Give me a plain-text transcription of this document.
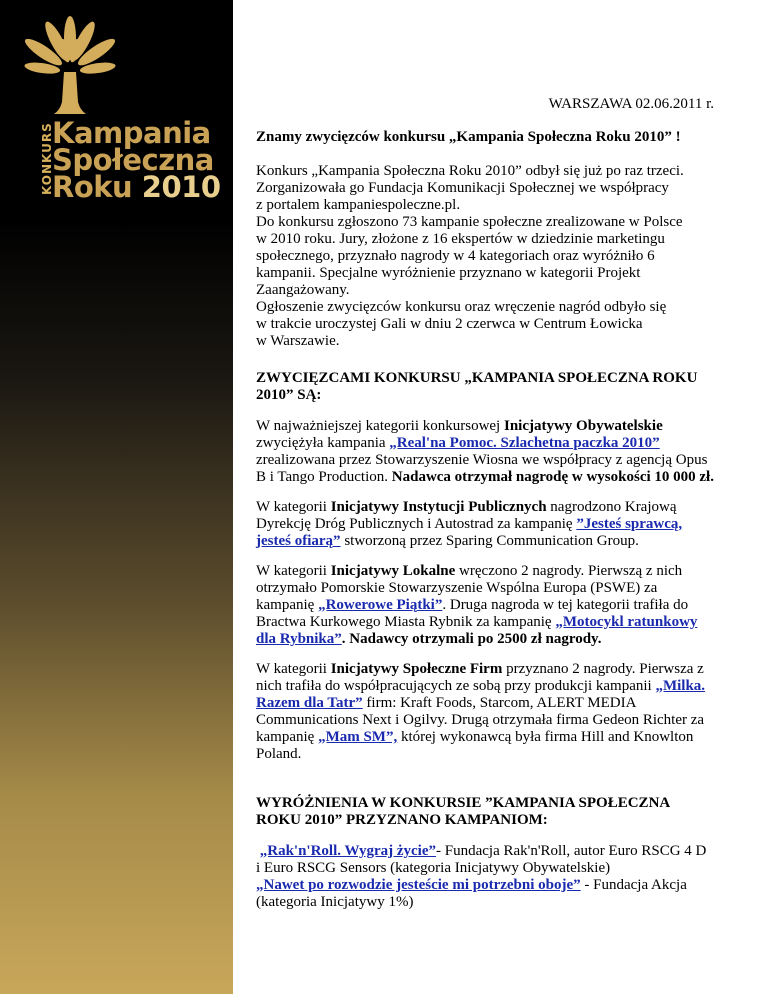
KONKURS
Kampania
Społeczna
Roku 2010
WARSZAWA 02.06.2011 r.
Znamy zwycięzców konkursu „Kampania Społeczna Roku 2010” !
Konkurs „Kampania Społeczna Roku 2010” odbył się już po raz trzeci.
Zorganizowała go Fundacja Komunikacji Społecznej we współpracy
z portalem kampaniespoleczne.pl.
Do konkursu zgłoszono 73 kampanie społeczne zrealizowane w Polsce
w 2010 roku. Jury, złożone z 16 ekspertów w dziedzinie marketingu
społecznego, przyznało nagrody w 4 kategoriach oraz wyróżniło 6
kampanii. Specjalne wyróżnienie przyznano w kategorii Projekt
Zaangażowany.
Ogłoszenie zwycięzców konkursu oraz wręczenie nagród odbyło się
w trakcie uroczystej Gali w dniu 2 czerwca w Centrum Łowicka
w Warszawie.
ZWYCIĘZCAMI KONKURSU „KAMPANIA SPOŁECZNA ROKU 2010” SĄ:
W najważniejszej kategorii konkursowej Inicjatywy Obywatelskie zwyciężyła kampania „Real'na Pomoc. Szlachetna paczka 2010” zrealizowana przez Stowarzyszenie Wiosna we współpracy z agencją Opus B i Tango Production. Nadawca otrzymał nagrodę w wysokości 10 000 zł.
W kategorii Inicjatywy Instytucji Publicznych nagrodzono Krajową Dyrekcję Dróg Publicznych i Autostrad za kampanię ”Jesteś sprawcą, jesteś ofiarą” stworzoną przez Sparing Communication Group.
W kategorii Inicjatywy Lokalne wręczono 2 nagrody. Pierwszą z nich otrzymało Pomorskie Stowarzyszenie Wspólna Europa (PSWE) za kampanię „Rowerowe Piątki”. Druga nagroda w tej kategorii trafiła do Bractwa Kurkowego Miasta Rybnik za kampanię „Motocykl ratunkowy dla Rybnika”. Nadawcy otrzymali po 2500 zł nagrody.
W kategorii Inicjatywy Społeczne Firm przyznano 2 nagrody. Pierwsza z nich trafiła do współpracujących ze sobą przy produkcji kampanii „Milka. Razem dla Tatr” firm: Kraft Foods, Starcom, ALERT MEDIA Communications Next i Ogilvy. Drugą otrzymała firma Gedeon Richter za kampanię „Mam SM”, której wykonawcą była firma Hill and Knowlton Poland.
WYRÓŻNIENIA W KONKURSIE ”KAMPANIA SPOŁECZNA ROKU 2010” PRZYZNANO KAMPANIOM:
„Rak'n'Roll. Wygraj życie”- Fundacja Rak'n'Roll, autor Euro RSCG 4 D i Euro RSCG Sensors (kategoria Inicjatywy Obywatelskie)
„Nawet po rozwodzie jesteście mi potrzebni oboje” - Fundacja Akcja (kategoria Inicjatywy 1%)
